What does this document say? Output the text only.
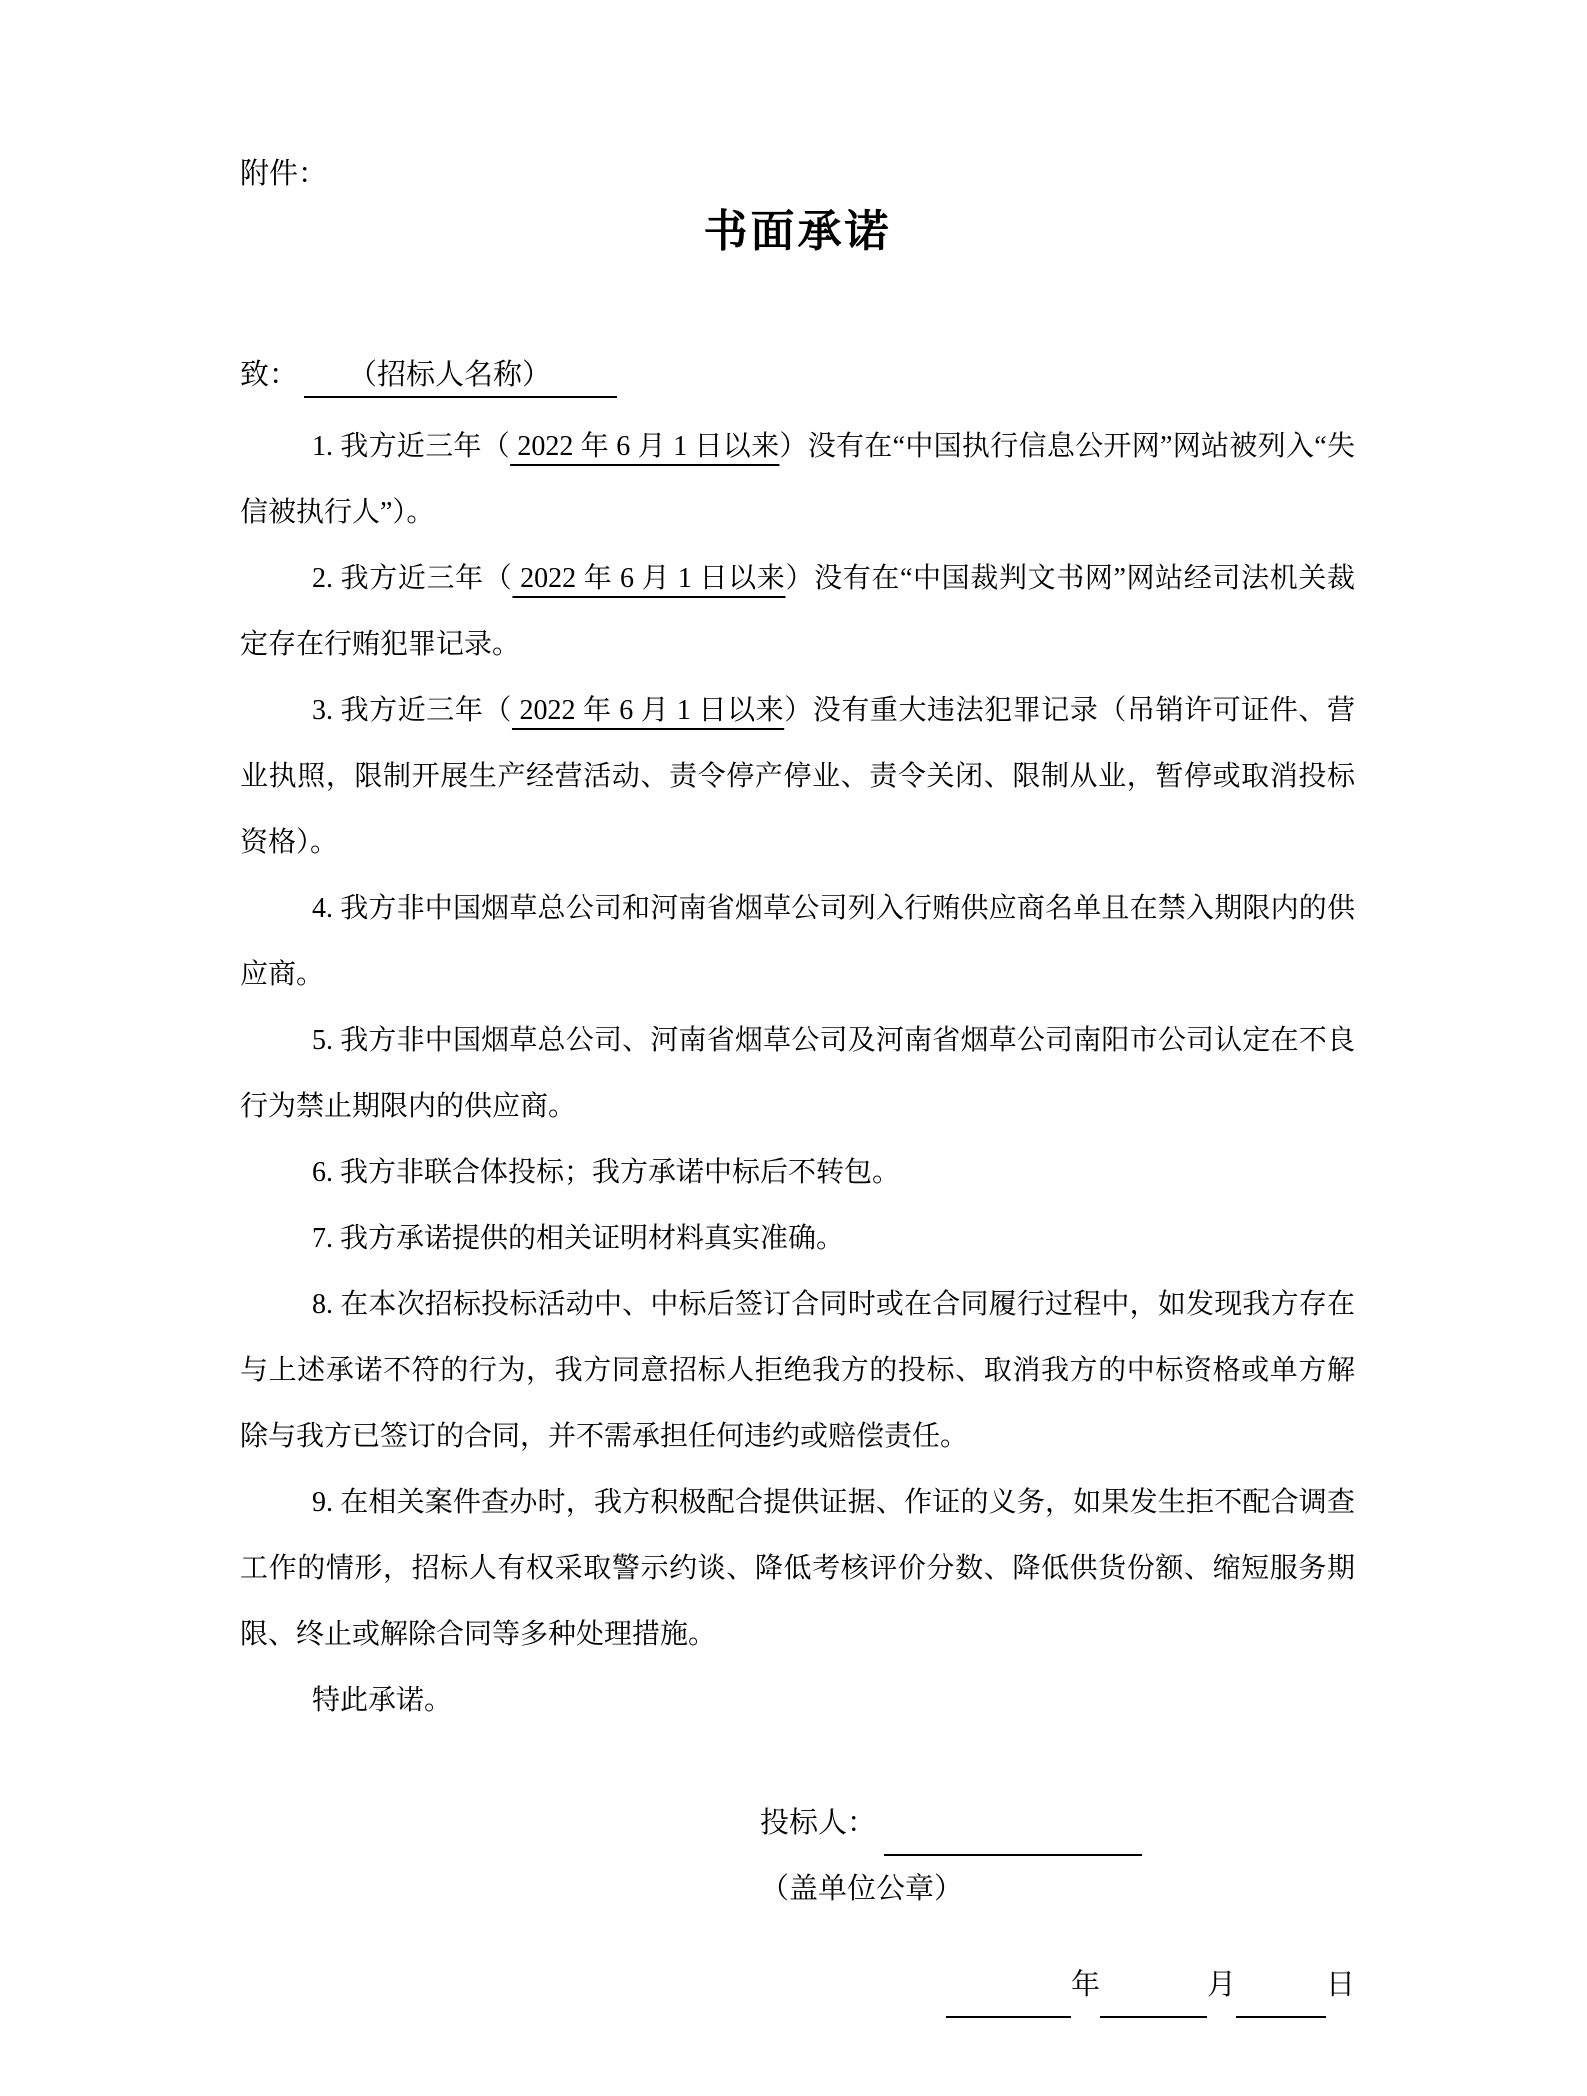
附件：
书面承诺
致： （招标人名称）

1. 我方近三年（ 2022 年 6 月 1 日以来）没有在“中国执行信息公开网”网站被列入“失信被执行人”）。

2. 我方近三年（ 2022 年 6 月 1 日以来）没有在“中国裁判文书网”网站经司法机关裁定存在行贿犯罪记录。

3. 我方近三年（ 2022 年 6 月 1 日以来）没有重大违法犯罪记录（吊销许可证件、营业执照，限制开展生产经营活动、责令停产停业、责令关闭、限制从业，暂停或取消投标资格）。

4. 我方非中国烟草总公司和河南省烟草公司列入行贿供应商名单且在禁入期限内的供应商。

5. 我方非中国烟草总公司、河南省烟草公司及河南省烟草公司南阳市公司认定在不良行为禁止期限内的供应商。

6. 我方非联合体投标；我方承诺中标后不转包。

7. 我方承诺提供的相关证明材料真实准确。

8. 在本次招标投标活动中、中标后签订合同时或在合同履行过程中，如发现我方存在与上述承诺不符的行为，我方同意招标人拒绝我方的投标、取消我方的中标资格或单方解除与我方已签订的合同，并不需承担任何违约或赔偿责任。

9. 在相关案件查办时，我方积极配合提供证据、作证的义务，如果发生拒不配合调查工作的情形，招标人有权采取警示约谈、降低考核评价分数、降低供货份额、缩短服务期限、终止或解除合同等多种处理措施。

特此承诺。

投标人：（盖单位公章）
年	月	日
